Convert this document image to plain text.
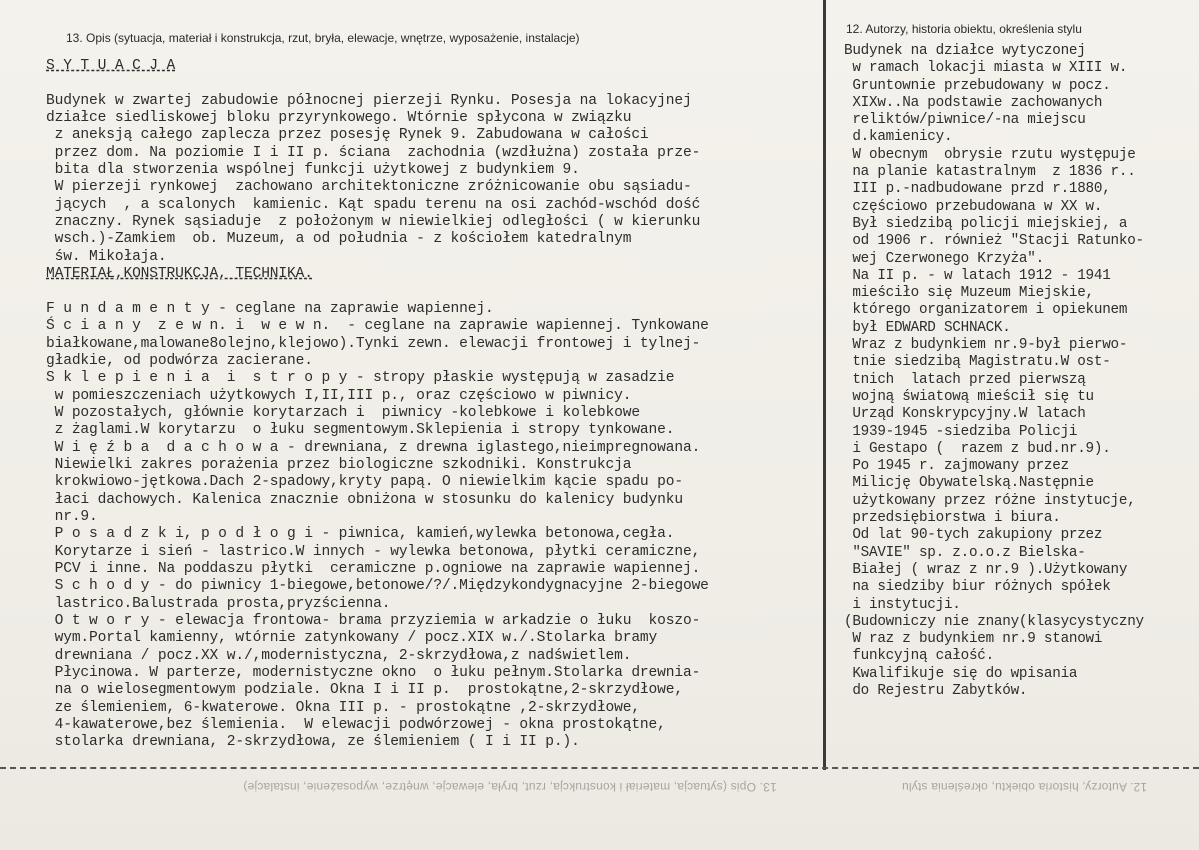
13. Opis (sytuacja, materiał i konstrukcja, rzut, bryła, elewacje, wnętrze, wyposażenie, instalacje)
12. Autorzy, historia obiektu, określenia stylu
S Y T U A C J A
Budynek w zwartej zabudowie północnej pierzeji Rynku. Posesja na lokacyjnej
działce siedliskowej bloku przyrynkowego. Wtórnie spłycona w związku
z aneksją całego zaplecza przez posesję Rynek 9. Zabudowana w całości
przez dom. Na poziomie I i II p. ściana  zachodnia (wzdłużna) została prze-
bita dla stworzenia wspólnej funkcji użytkowej z budynkiem 9.
W pierzeji rynkowej  zachowano architektoniczne zróżnicowanie obu sąsiadu-
jących  , a scalonych  kamienic. Kąt spadu terenu na osi zachód-wschód dość
znaczny. Rynek sąsiaduje  z położonym w niewielkiej odległości ( w kierunku
wsch.)-Zamkiem  ob. Muzeum, a od południa - z kościołem katedralnym
św. Mikołaja.
MATERIAŁ,KONSTRUKCJA, TECHNIKA.
F u n d a m e n t y - ceglane na zaprawie wapiennej.
Ś c i a n y  z e w n. i  w e w n.  - ceglane na zaprawie wapiennej. Tynkowane
białkowane,malowane8olejno,klejowo).Tynki zewn. elewacji frontowej i tylnej-
gładkie, od podwórza zacierane.
S k l e p i e n i a  i  s t r o p y - stropy płaskie występują w zasadzie
w pomieszczeniach użytkowych I,II,III p., oraz częściowo w piwnicy.
W pozostałych, głównie korytarzach i  piwnicy -kolebkowe i kolebkowe
z żaglami.W korytarzu  o łuku segmentowym.Sklepienia i stropy tynkowane.
W i ę ź b a  d a c h o w a - drewniana, z drewna iglastego,nieimpregnowana.
Niewielki zakres porażenia przez biologiczne szkodniki. Konstrukcja
krokwiowo-jętkowa.Dach 2-spadowy,kryty papą. O niewielkim kącie spadu po-
łaci dachowych. Kalenica znacznie obniżona w stosunku do kalenicy budynku
nr.9.
P o s a d z k i, p o d ł o g i - piwnica, kamień,wylewka betonowa,cegła.
Korytarze i sień - lastrico.W innych - wylewka betonowa, płytki ceramiczne,
PCV i inne. Na poddaszu płytki  ceramiczne p.ogniowe na zaprawie wapiennej.
S c h o d y - do piwnicy 1-biegowe,betonowe/?/.Międzykondygnacyjne 2-biegowe
lastrico.Balustrada prosta,pryzścienna.
O t w o r y - elewacja frontowa- brama przyziemia w arkadzie o łuku  koszo-
wym.Portal kamienny, wtórnie zatynkowany / pocz.XIX w./.Stolarka bramy
drewniana / pocz.XX w./,modernistyczna, 2-skrzydłowa,z nadświetlem.
Płycinowa. W parterze, modernistyczne okno  o łuku pełnym.Stolarka drewnia-
na o wielosegmentowym podziale. Okna I i II p.  prostokątne,2-skrzydłowe,
ze ślemieniem, 6-kwaterowe. Okna III p. - prostokątne ,2-skrzydłowe,
4-kawaterowe,bez ślemienia.  W elewacji podwórzowej - okna prostokątne,
stolarka drewniana, 2-skrzydłowa, ze ślemieniem ( I i II p.).
Budynek na działce wytyczonej
w ramach lokacji miasta w XIII w.
Gruntownie przebudowany w pocz.
XIXw..Na podstawie zachowanych
reliktów/piwnice/-na miejscu
d.kamienicy.
W obecnym  obrysie rzutu występuje
na planie katastralnym  z 1836 r..
III p.-nadbudowane przd r.1880,
częściowo przebudowana w XX w.
Był siedzibą policji miejskiej, a
od 1906 r. również "Stacji Ratunko-
wej Czerwonego Krzyża".
Na II p. - w latach 1912 - 1941
mieściło się Muzeum Miejskie,
którego organizatorem i opiekunem
był EDWARD SCHNACK.
Wraz z budynkiem nr.9-był pierwo-
tnie siedzibą Magistratu.W ost-
tnich  latach przed pierwszą
wojną światową mieścił się tu
Urząd Konskrypcyjny.W latach
1939-1945 -siedziba Policji
i Gestapo (  razem z bud.nr.9).
Po 1945 r. zajmowany przez
Milicję Obywatelską.Następnie
użytkowany przez różne instytucje,
przedsiębiorstwa i biura.
Od lat 90-tych zakupiony przez
"SAVIE" sp. z.o.o.z Bielska-
Białej ( wraz z nr.9 ).Użytkowany
na siedziby biur różnych spółek
i instytucji.
(Budowniczy nie znany(klasycystyczny
W raz z budynkiem nr.9 stanowi
funkcyjną całość.
Kwalifikuje się do wpisania
do Rejestru Zabytków.
13. Opis (sytuacja, materiał i konstrukcja, rzut, bryła, elewacje, wnętrze, wyposażenie, instalacje)	12. Autorzy, historia obiektu, określenia stylu
